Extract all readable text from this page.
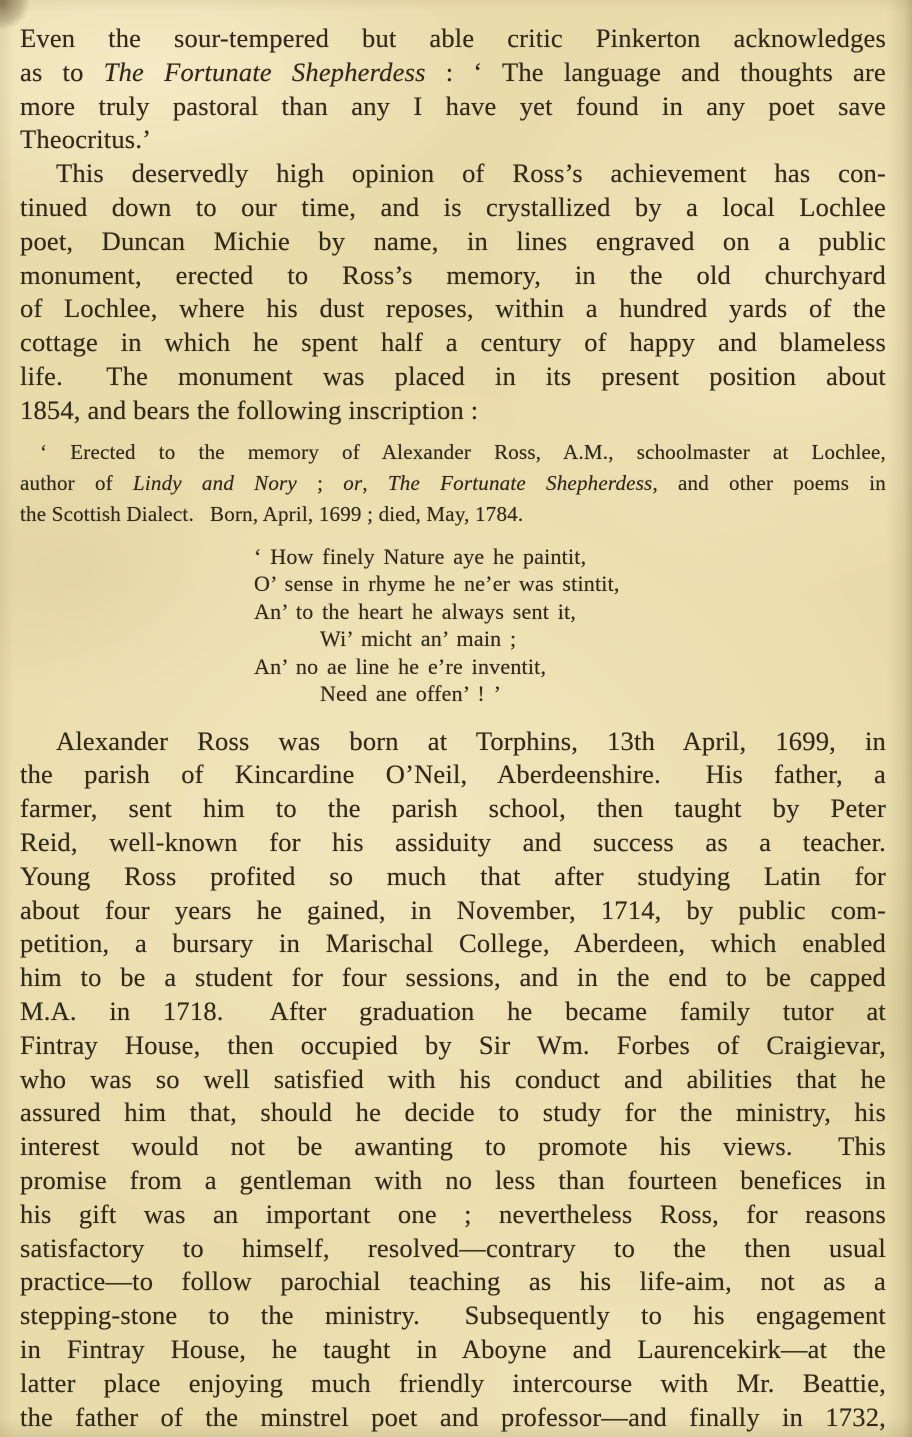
Even the sour-tempered but able critic Pinkerton acknowledges
as to The Fortunate Shepherdess : ‘ The language and thoughts are
more truly pastoral than any I have yet found in any poet save
Theocritus.’
This deservedly high opinion of Ross’s achievement has con-
tinued down to our time, and is crystallized by a local Lochlee
poet, Duncan Michie by name, in lines engraved on a public
monument, erected to Ross’s memory, in the old churchyard
of Lochlee, where his dust reposes, within a hundred yards of the
cottage in which he spent half a century of happy and blameless
life.  The monument was placed in its present position about
1854, and bears the following inscription :
‘ Erected to the memory of Alexander Ross, A.M., schoolmaster at Lochlee,
author of Lindy and Nory ; or, The Fortunate Shepherdess, and other poems in
the Scottish Dialect.  Born, April, 1699 ; died, May, 1784.
‘ How finely Nature aye he paintit,
O’ sense in rhyme he ne’er was stintit,
An’ to the heart he always sent it,
Wi’ micht an’ main ;
An’ no ae line he e’re inventit,
Need ane offen’ ! ’
Alexander Ross was born at Torphins, 13th April, 1699, in
the parish of Kincardine O’Neil, Aberdeenshire.  His father, a
farmer, sent him to the parish school, then taught by Peter
Reid, well-known for his assiduity and success as a teacher.
Young Ross profited so much that after studying Latin for
about four years he gained, in November, 1714, by public com-
petition, a bursary in Marischal College, Aberdeen, which enabled
him to be a student for four sessions, and in the end to be capped
M.A. in 1718.  After graduation he became family tutor at
Fintray House, then occupied by Sir Wm. Forbes of Craigievar,
who was so well satisfied with his conduct and abilities that he
assured him that, should he decide to study for the ministry, his
interest would not be awanting to promote his views.  This
promise from a gentleman with no less than fourteen benefices in
his gift was an important one ; nevertheless Ross, for reasons
satisfactory to himself, resolved—contrary to the then usual
practice—to follow parochial teaching as his life-aim, not as a
stepping-stone to the ministry.  Subsequently to his engagement
in Fintray House, he taught in Aboyne and Laurencekirk—at the
latter place enjoying much friendly intercourse with Mr. Beattie,
the father of the minstrel poet and professor—and finally in 1732,
